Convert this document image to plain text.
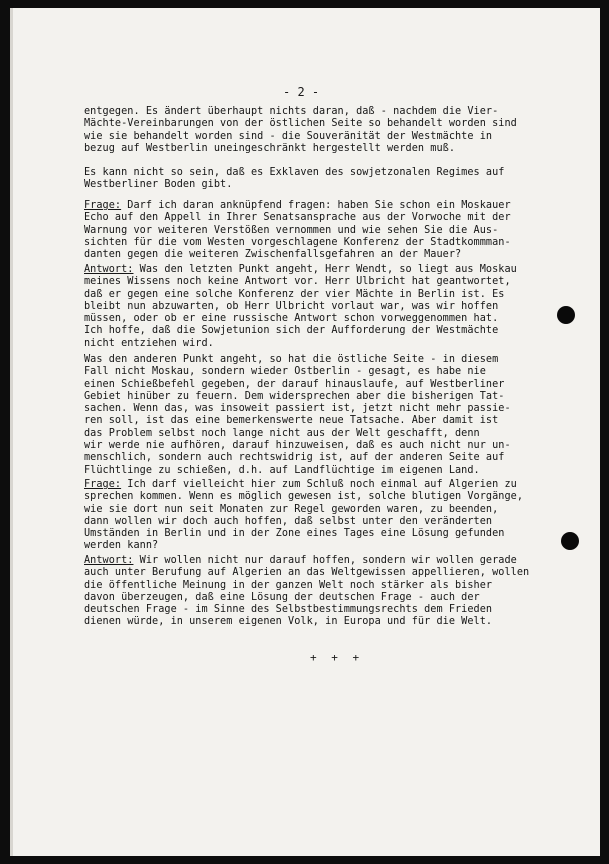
- 2 -
entgegen. Es ändert überhaupt nichts daran, daß - nachdem die Vier-
Mächte-Vereinbarungen von der östlichen Seite so behandelt worden sind
wie sie behandelt worden sind - die Souveränität der Westmächte in
bezug auf Westberlin uneingeschränkt hergestellt werden muß.
Es kann nicht so sein, daß es Exklaven des sowjetzonalen Regimes auf
Westberliner Boden gibt.
Frage: Darf ich daran anknüpfend fragen: haben Sie schon ein Moskauer
Echo auf den Appell in Ihrer Senatsansprache aus der Vorwoche mit der
Warnung vor weiteren Verstößen vernommen und wie sehen Sie die Aus-
sichten für die vom Westen vorgeschlagene Konferenz der Stadtkommman-
danten gegen die weiteren Zwischenfallsgefahren an der Mauer?
Antwort: Was den letzten Punkt angeht, Herr Wendt, so liegt aus Moskau
meines Wissens noch keine Antwort vor. Herr Ulbricht hat geantwortet,
daß er gegen eine solche Konferenz der vier Mächte in Berlin ist. Es
bleibt nun abzuwarten, ob Herr Ulbricht vorlaut war, was wir hoffen
müssen, oder ob er eine russische Antwort schon vorweggenommen hat.
Ich hoffe, daß die Sowjetunion sich der Aufforderung der Westmächte
nicht entziehen wird.
Was den anderen Punkt angeht, so hat die östliche Seite - in diesem
Fall nicht Moskau, sondern wieder Ostberlin - gesagt, es habe nie
einen Schießbefehl gegeben, der darauf hinauslaufe, auf Westberliner
Gebiet hinüber zu feuern. Dem widersprechen aber die bisherigen Tat-
sachen. Wenn das, was insoweit passiert ist, jetzt nicht mehr passie-
ren soll, ist das eine bemerkenswerte neue Tatsache. Aber damit ist
das Problem selbst noch lange nicht aus der Welt geschafft, denn
wir werde nie aufhören, darauf hinzuweisen, daß es auch nicht nur un-
menschlich, sondern auch rechtswidrig ist, auf der anderen Seite auf
Flüchtlinge zu schießen, d.h. auf Landflüchtige im eigenen Land.
Frage: Ich darf vielleicht hier zum Schluß noch einmal auf Algerien zu
sprechen kommen. Wenn es möglich gewesen ist, solche blutigen Vorgänge,
wie sie dort nun seit Monaten zur Regel geworden waren, zu beenden,
dann wollen wir doch auch hoffen, daß selbst unter den veränderten
Umständen in Berlin und in der Zone eines Tages eine Lösung gefunden
werden kann?
Antwort: Wir wollen nicht nur darauf hoffen, sondern wir wollen gerade
auch unter Berufung auf Algerien an das Weltgewissen appellieren, wollen
die öffentliche Meinung in der ganzen Welt noch stärker als bisher
davon überzeugen, daß eine Lösung der deutschen Frage - auch der
deutschen Frage - im Sinne des Selbstbestimmungsrechts dem Frieden
dienen würde, in unserem eigenen Volk, in Europa und für die Welt.
+ + +
